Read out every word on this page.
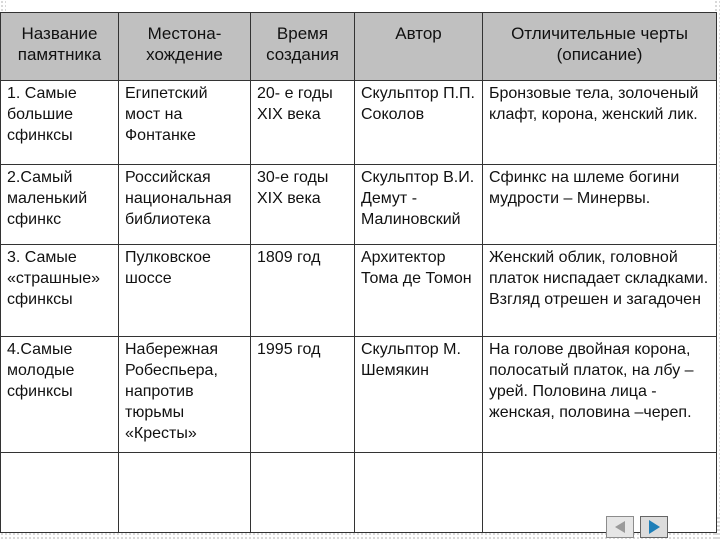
Название памятника	Местона-хождение	Время создания	Автор	Отличительные черты (описание)
1. Самые большие сфинксы	Египетский мост на Фонтанке	20- е годы XIX века	Скульптор П.П. Соколов	Бронзовые тела, золоченый клафт, корона, женский лик.
2.Самый маленький сфинкс	Российская национальная библиотека	30-е годы XIX века	Скульптор В.И. Демут - Малиновский	Сфинкс на шлеме богини мудрости – Минервы.
3. Самые «страшные» сфинксы	Пулковское шоссе	1809 год	Архитектор Тома де Томон	Женский облик, головной платок ниспадает складками. Взгляд отрешен и загадочен
4.Самые молодые сфинксы	Набережная Робеспьера, напротив тюрьмы «Кресты»	1995 год	Скульптор М. Шемякин	На голове двойная корона, полосатый платок, на лбу – урей. Половина лица - женская, половина –череп.
